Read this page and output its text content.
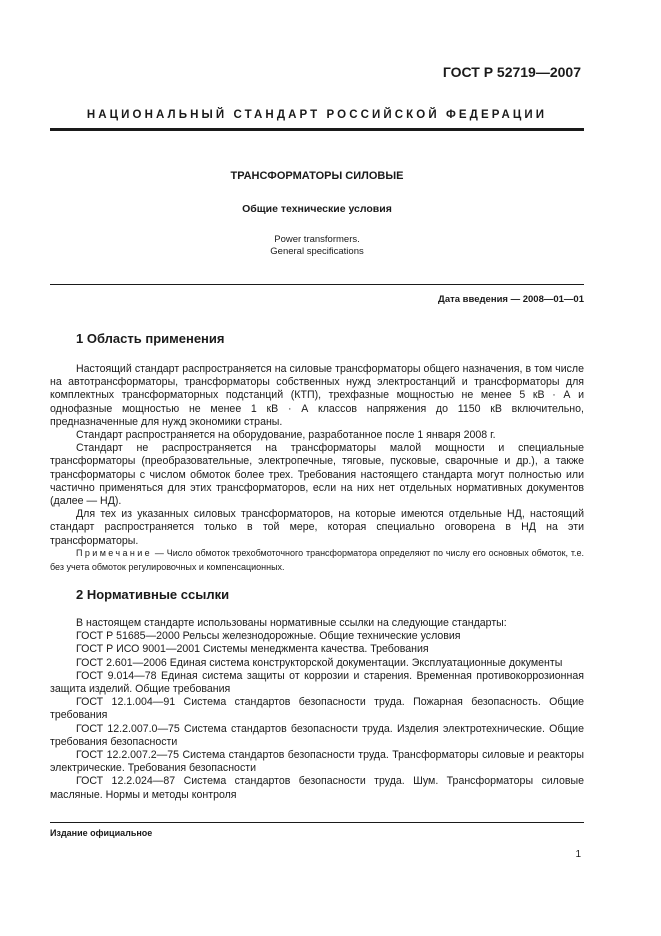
ГОСТ Р 52719—2007
НАЦИОНАЛЬНЫЙ СТАНДАРТ РОССИЙСКОЙ ФЕДЕРАЦИИ
ТРАНСФОРМАТОРЫ СИЛОВЫЕ
Общие технические условия
Power transformers.
General specifications
Дата введения — 2008—01—01
1 Область применения

Настоящий стандарт распространяется на силовые трансформаторы общего назначения, в том числе на автотрансформаторы, трансформаторы собственных нужд электростанций и трансформаторы для комплектных трансформаторных подстанций (КТП), трехфазные мощностью не менее 5 кВ · А и однофазные мощностью не менее 1 кВ · А классов напряжения до 1150 кВ включительно, предназначенные для нужд экономики страны.

Стандарт распространяется на оборудование, разработанное после 1 января 2008 г.

Стандарт не распространяется на трансформаторы малой мощности и специальные трансформаторы (преобразовательные, электропечные, тяговые, пусковые, сварочные и др.), а также трансформаторы с числом обмоток более трех. Требования настоящего стандарта могут полностью или частично применяться для этих трансформаторов, если на них нет отдельных нормативных документов (далее — НД).

Для тех из указанных силовых трансформаторов, на которые имеются отдельные НД, настоящий стандарт распространяется только в той мере, которая специально оговорена в НД на эти трансформаторы.

Примечание — Число обмоток трехобмоточного трансформатора определяют по числу его основных обмоток, т.е. без учета обмоток регулировочных и компенсационных.

2 Нормативные ссылки

В настоящем стандарте использованы нормативные ссылки на следующие стандарты:

ГОСТ Р 51685—2000 Рельсы железнодорожные. Общие технические условия

ГОСТ Р ИСО 9001—2001 Системы менеджмента качества. Требования

ГОСТ 2.601—2006 Единая система конструкторской документации. Эксплуатационные документы

ГОСТ 9.014—78 Единая система защиты от коррозии и старения. Временная противокоррозионная защита изделий. Общие требования

ГОСТ 12.1.004—91 Система стандартов безопасности труда. Пожарная безопасность. Общие требования

ГОСТ 12.2.007.0—75 Система стандартов безопасности труда. Изделия электротехнические. Общие требования безопасности

ГОСТ 12.2.007.2—75 Система стандартов безопасности труда. Трансформаторы силовые и реакторы электрические. Требования безопасности

ГОСТ 12.2.024—87 Система стандартов безопасности труда. Шум. Трансформаторы силовые масляные. Нормы и методы контроля

Издание официальное
1
